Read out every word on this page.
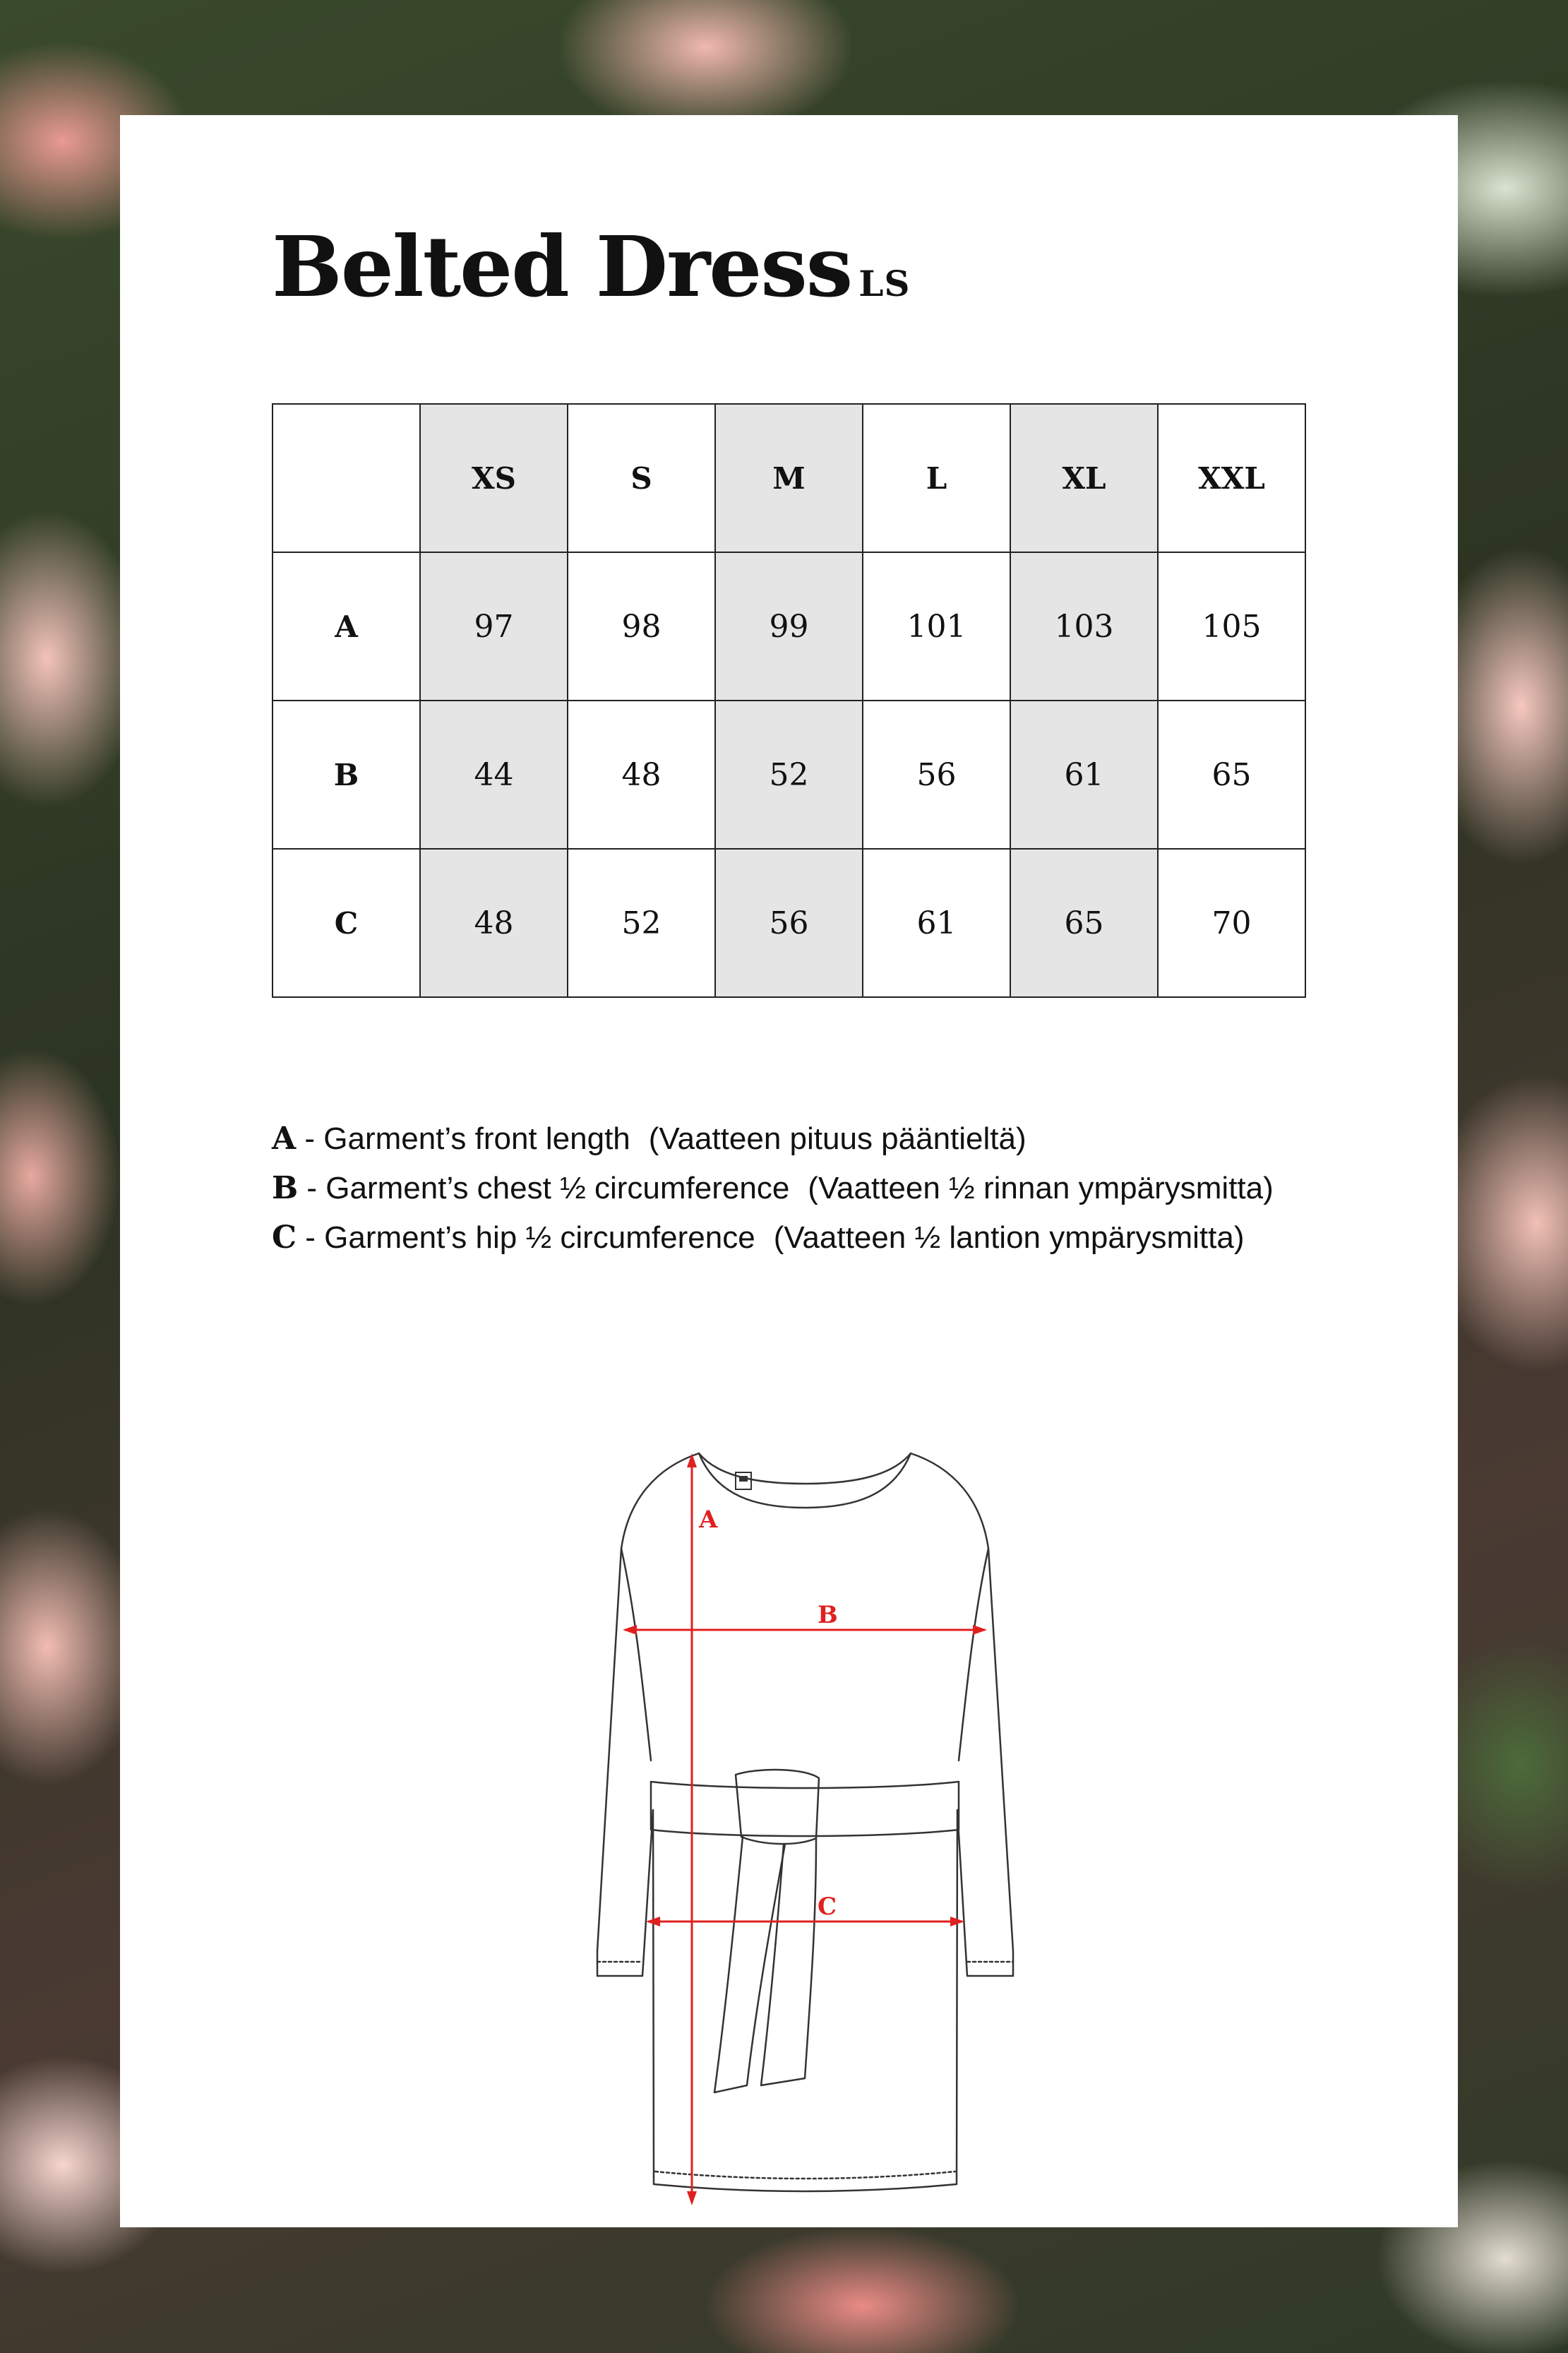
Belted Dress LS
	XS	S	M	L	XL	XXL
A	97	98	99	101	103	105
B	44	48	52	56	61	65
C	48	52	56	61	65	70
A - Garment’s front length (Vaatteen pituus pääntieltä)
B - Garment’s chest ½ circumference (Vaatteen ½ rinnan ympärysmitta)
C - Garment’s hip ½ circumference (Vaatteen ½ lantion ympärysmitta)
A
B
C
